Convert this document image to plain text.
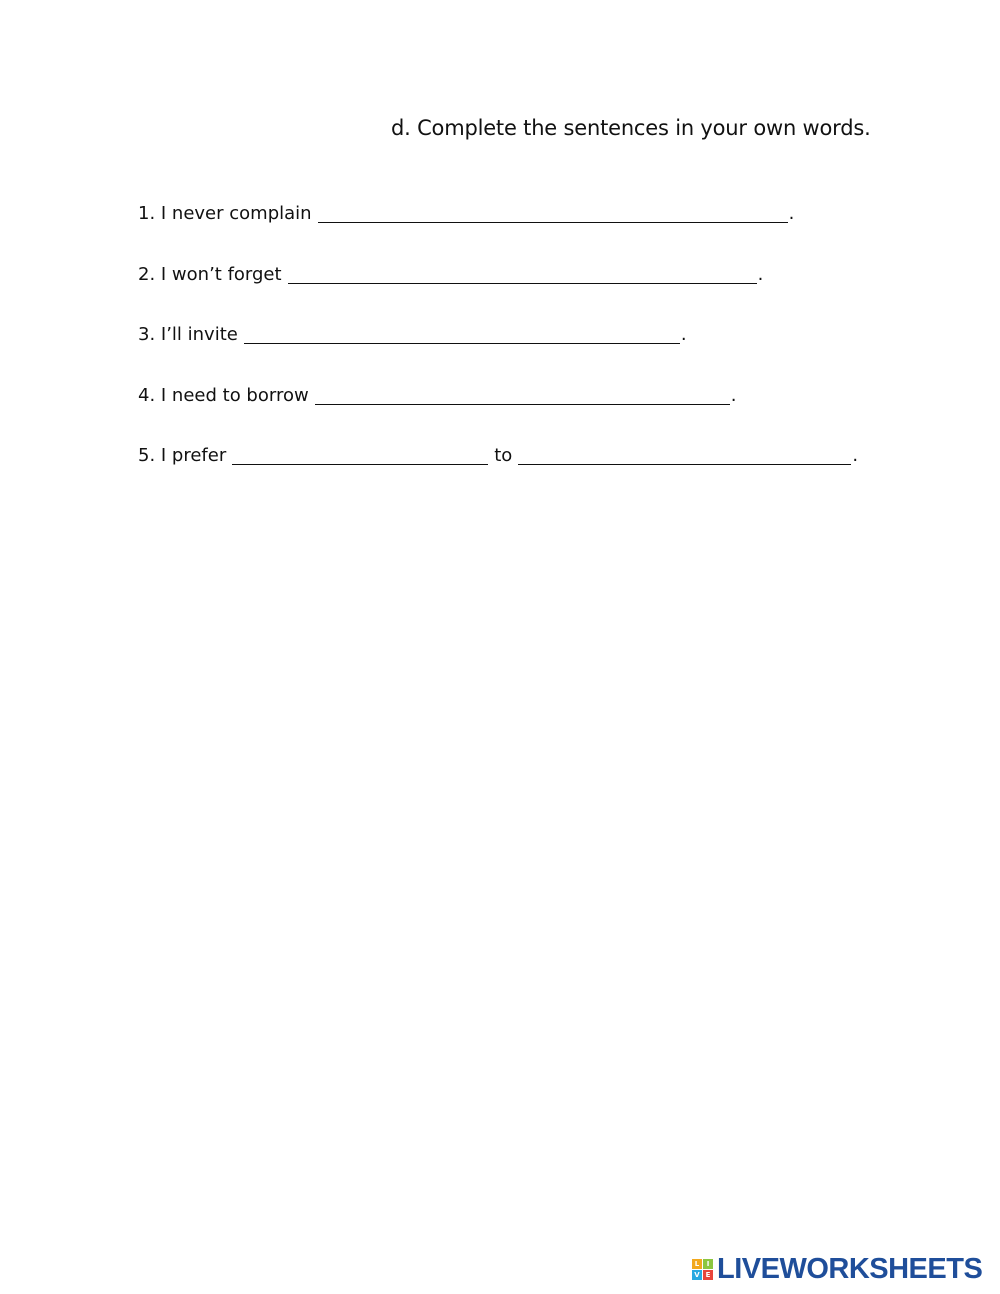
d. Complete the sentences in your own words.
1. I never complain	.
2. I won’t forget	.
3. I’ll invite	.
4. I need to borrow	.
5. I prefer	to	.
L	I
V E LIVEWORKSHEETS
